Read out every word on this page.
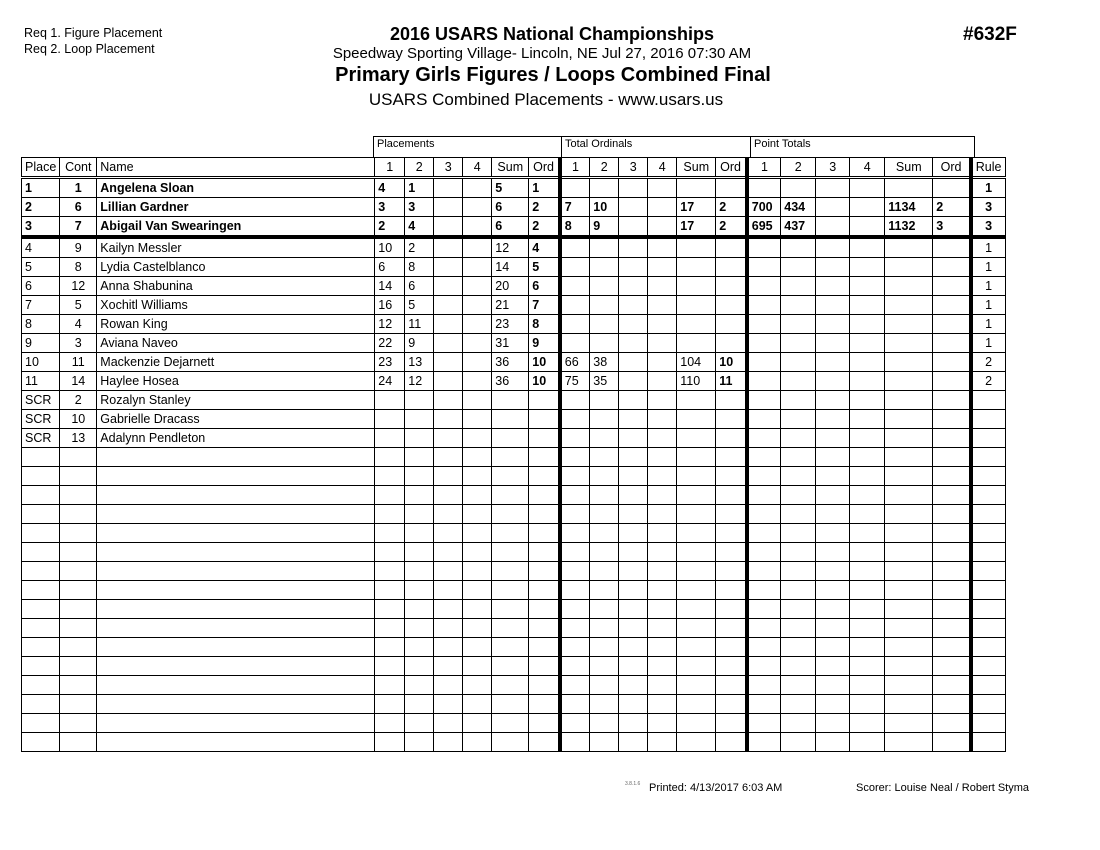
Req 1. Figure Placement
Req 2. Loop Placement
2016 USARS National Championships
Speedway Sporting Village- Lincoln, NE Jul 27, 2016 07:30 AM
Primary Girls Figures / Loops Combined Final
USARS Combined Placements - www.usars.us
#632F
Placements	Total Ordinals	Point Totals
Place	Cont	Name	1	2	3	4	Sum	Ord	1	2	3	4	Sum	Ord	1	2	3	4	Sum	Ord	Rule
1	1	Angelena Sloan	4	1			5	1													1
2	6	Lillian Gardner	3	3			6	2	7	10			17	2	700	434			1134	2	3
3	7	Abigail Van Swearingen	2	4			6	2	8	9			17	2	695	437			1132	3	3
4	9	Kailyn Messler	10	2			12	4													1
5	8	Lydia Castelblanco	6	8			14	5													1
6	12	Anna Shabunina	14	6			20	6													1
7	5	Xochitl Williams	16	5			21	7													1
8	4	Rowan King	12	11			23	8													1
9	3	Aviana Naveo	22	9			31	9													1
10	11	Mackenzie Dejarnett	23	13			36	10	66	38			104	10							2
11	14	Haylee Hosea	24	12			36	10	75	35			110	11							2
SCR	2	Rozalyn Stanley																			
SCR	10	Gabrielle Dracass																			
SCR	13	Adalynn Pendleton																			

3.8.1.6 Printed: 4/13/2017 6:03 AM	Scorer: Louise Neal / Robert Styma
